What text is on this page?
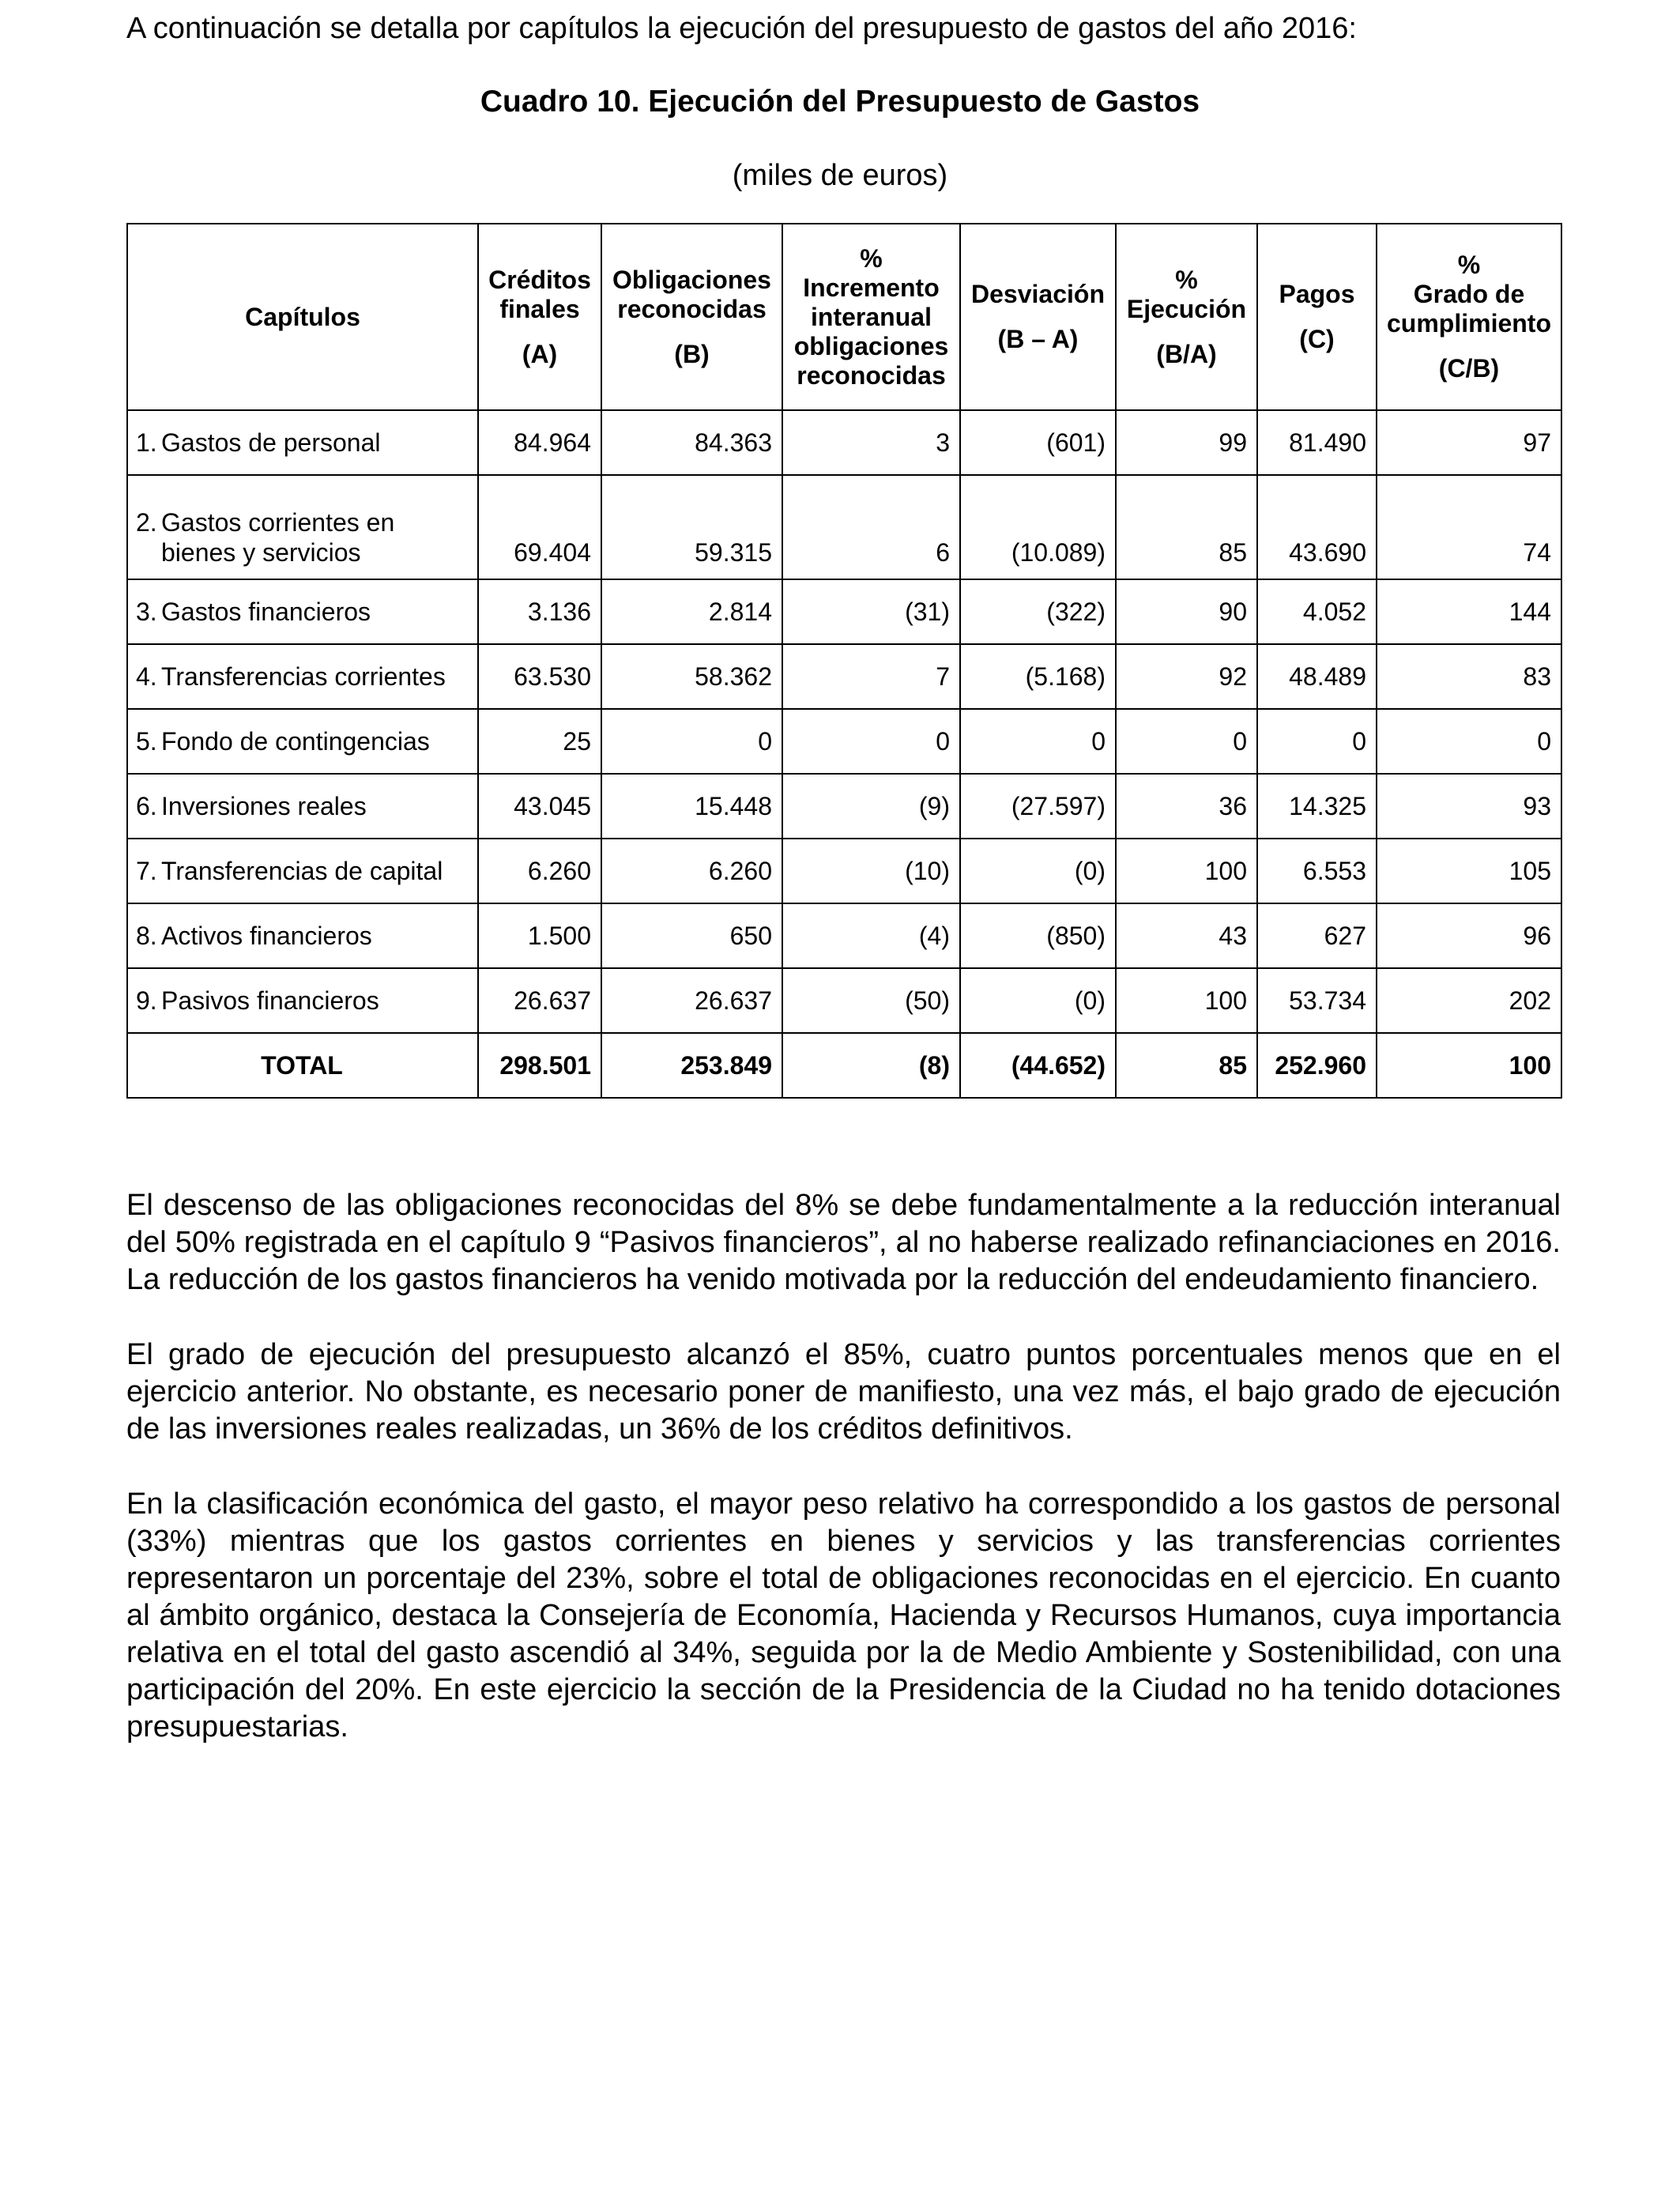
A continuación se detalla por capítulos la ejecución del presupuesto de gastos del año 2016:

Cuadro 10. Ejecución del Presupuesto de Gastos

(miles de euros)

Capítulos	Créditos
finales
(A)	Obligaciones
reconocidas
(B)	%
Incremento
interanual
obligaciones
reconocidas	Desviación
(B – A)	%
Ejecución
(B/A)	Pagos
(C)	%
Grado de
cumplimiento
(C/B)

1. Gastos de personal	84.964	84.363	3	(601)	99	81.490	97

2. Gastos corrientes en bienes y servicios	69.404	59.315	6	(10.089)	85	43.690	74

3. Gastos financieros	3.136	2.814	(31)	(322)	90	4.052	144

4. Transferencias corrientes	63.530	58.362	7	(5.168)	92	48.489	83

5. Fondo de contingencias	25	0	0	0	0	0	0

6. Inversiones reales	43.045	15.448	(9)	(27.597)	36	14.325	93

7. Transferencias de capital	6.260	6.260	(10)	(0)	100	6.553	105

8. Activos financieros	1.500	650	(4)	(850)	43	627	96

9. Pasivos financieros	26.637	26.637	(50)	(0)	100	53.734	202
TOTAL	298.501	253.849	(8)	(44.652)	85	252.960	100

El descenso de las obligaciones reconocidas del 8% se debe fundamentalmente a la reducción interanual del 50% registrada en el capítulo 9 “Pasivos financieros”, al no haberse realizado refinanciaciones en 2016. La reducción de los gastos financieros ha venido motivada por la reducción del endeudamiento financiero.

El grado de ejecución del presupuesto alcanzó el 85%, cuatro puntos porcentuales menos que en el ejercicio anterior. No obstante, es necesario poner de manifiesto, una vez más, el bajo grado de ejecución de las inversiones reales realizadas, un 36% de los créditos definitivos.

En la clasificación económica del gasto, el mayor peso relativo ha correspondido a los gastos de personal (33%) mientras que los gastos corrientes en bienes y servicios y las transferencias corrientes representaron un porcentaje del 23%, sobre el total de obligaciones reconocidas en el ejercicio. En cuanto al ámbito orgánico, destaca la Consejería de Economía, Hacienda y Recursos Humanos, cuya importancia relativa en el total del gasto ascendió al 34%, seguida por la de Medio Ambiente y Sostenibilidad, con una participación del 20%. En este ejercicio la sección de la Presidencia de la Ciudad no ha tenido dotaciones presupuestarias.
